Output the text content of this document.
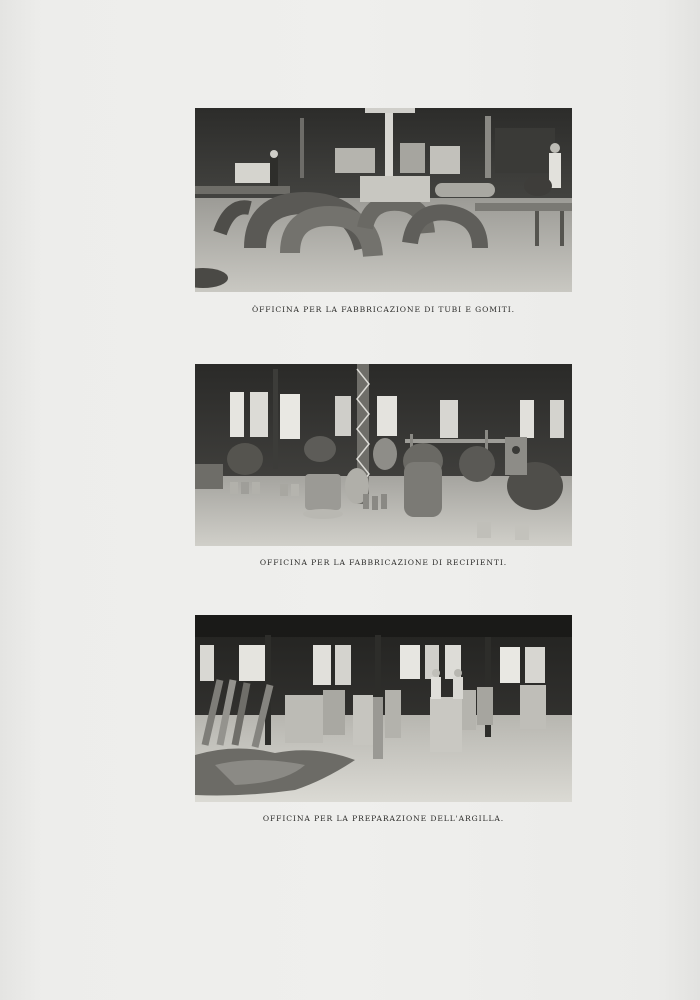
ÒFFICINA PER LA FABBRICAZIONE DI TUBI E GOMITI.
OFFICINA PER LA FABBRICAZIONE DI RECIPIENTI.
OFFICINA PER LA PREPARAZIONE DELL'ARGILLA.
